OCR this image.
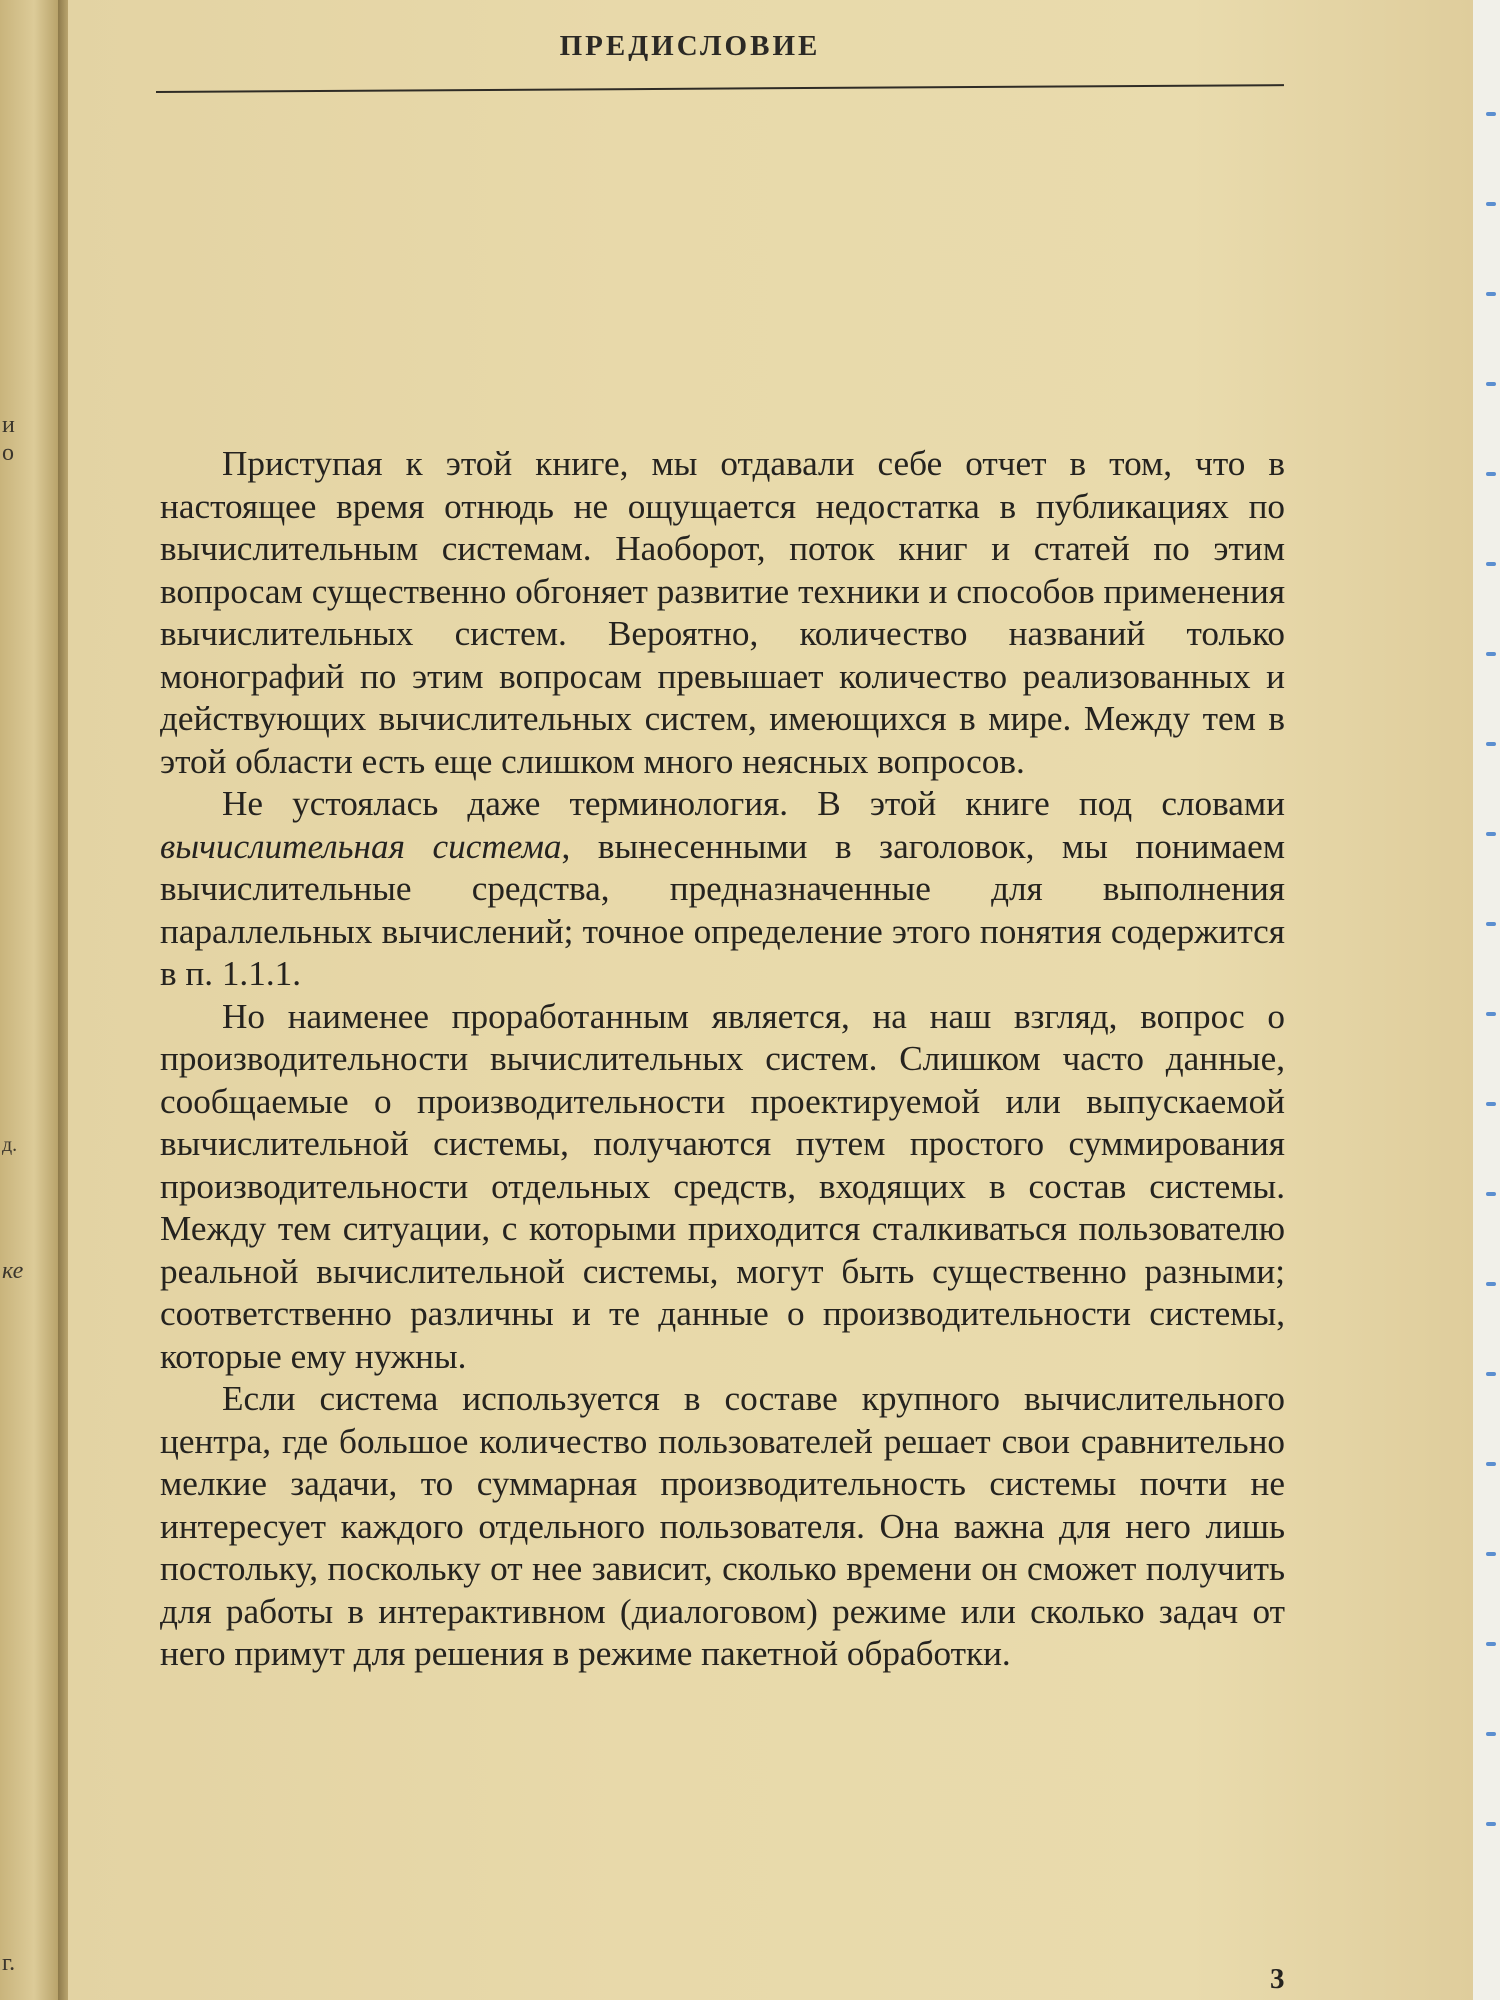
и
о
д.
ке
г.
ПРЕДИСЛОВИЕ

Приступая к этой книге, мы отдавали себе отчет в том, что в настоящее время отнюдь не ощущается недостатка в публикациях по вычислительным системам. Наоборот, поток книг и статей по этим вопросам существенно обгоняет развитие техники и способов применения вычислительных систем. Вероятно, количество названий только монографий по этим вопросам превышает количество реализованных и действующих вычислительных систем, имеющихся в мире. Между тем в этой области есть еще слишком много неясных вопросов.

Не устоялась даже терминология. В этой книге под словами вычислительная система, вынесенными в заголовок, мы понимаем вычислительные средства, предназначенные для выполнения параллельных вычислений; точное определение этого понятия содержится в п. 1.1.1.

Но наименее проработанным является, на наш взгляд, вопрос о производительности вычислительных систем. Слишком часто данные, сообщаемые о производительности проектируемой или выпускаемой вычислительной системы, получаются путем простого суммирования производительности отдельных средств, входящих в состав системы. Между тем ситуации, с которыми приходится сталкиваться пользователю реальной вычислительной системы, могут быть существенно разными; соответственно различны и те данные о производительности системы, которые ему нужны.

Если система используется в составе крупного вычислительного центра, где большое количество пользователей решает свои сравнительно мелкие задачи, то суммарная производительность системы почти не интересует каждого отдельного пользователя. Она важна для него лишь постольку, поскольку от нее зависит, сколько времени он сможет получить для работы в интерактивном (диалоговом) режиме или сколько задач от него примут для решения в режиме пакетной обработки.

3
